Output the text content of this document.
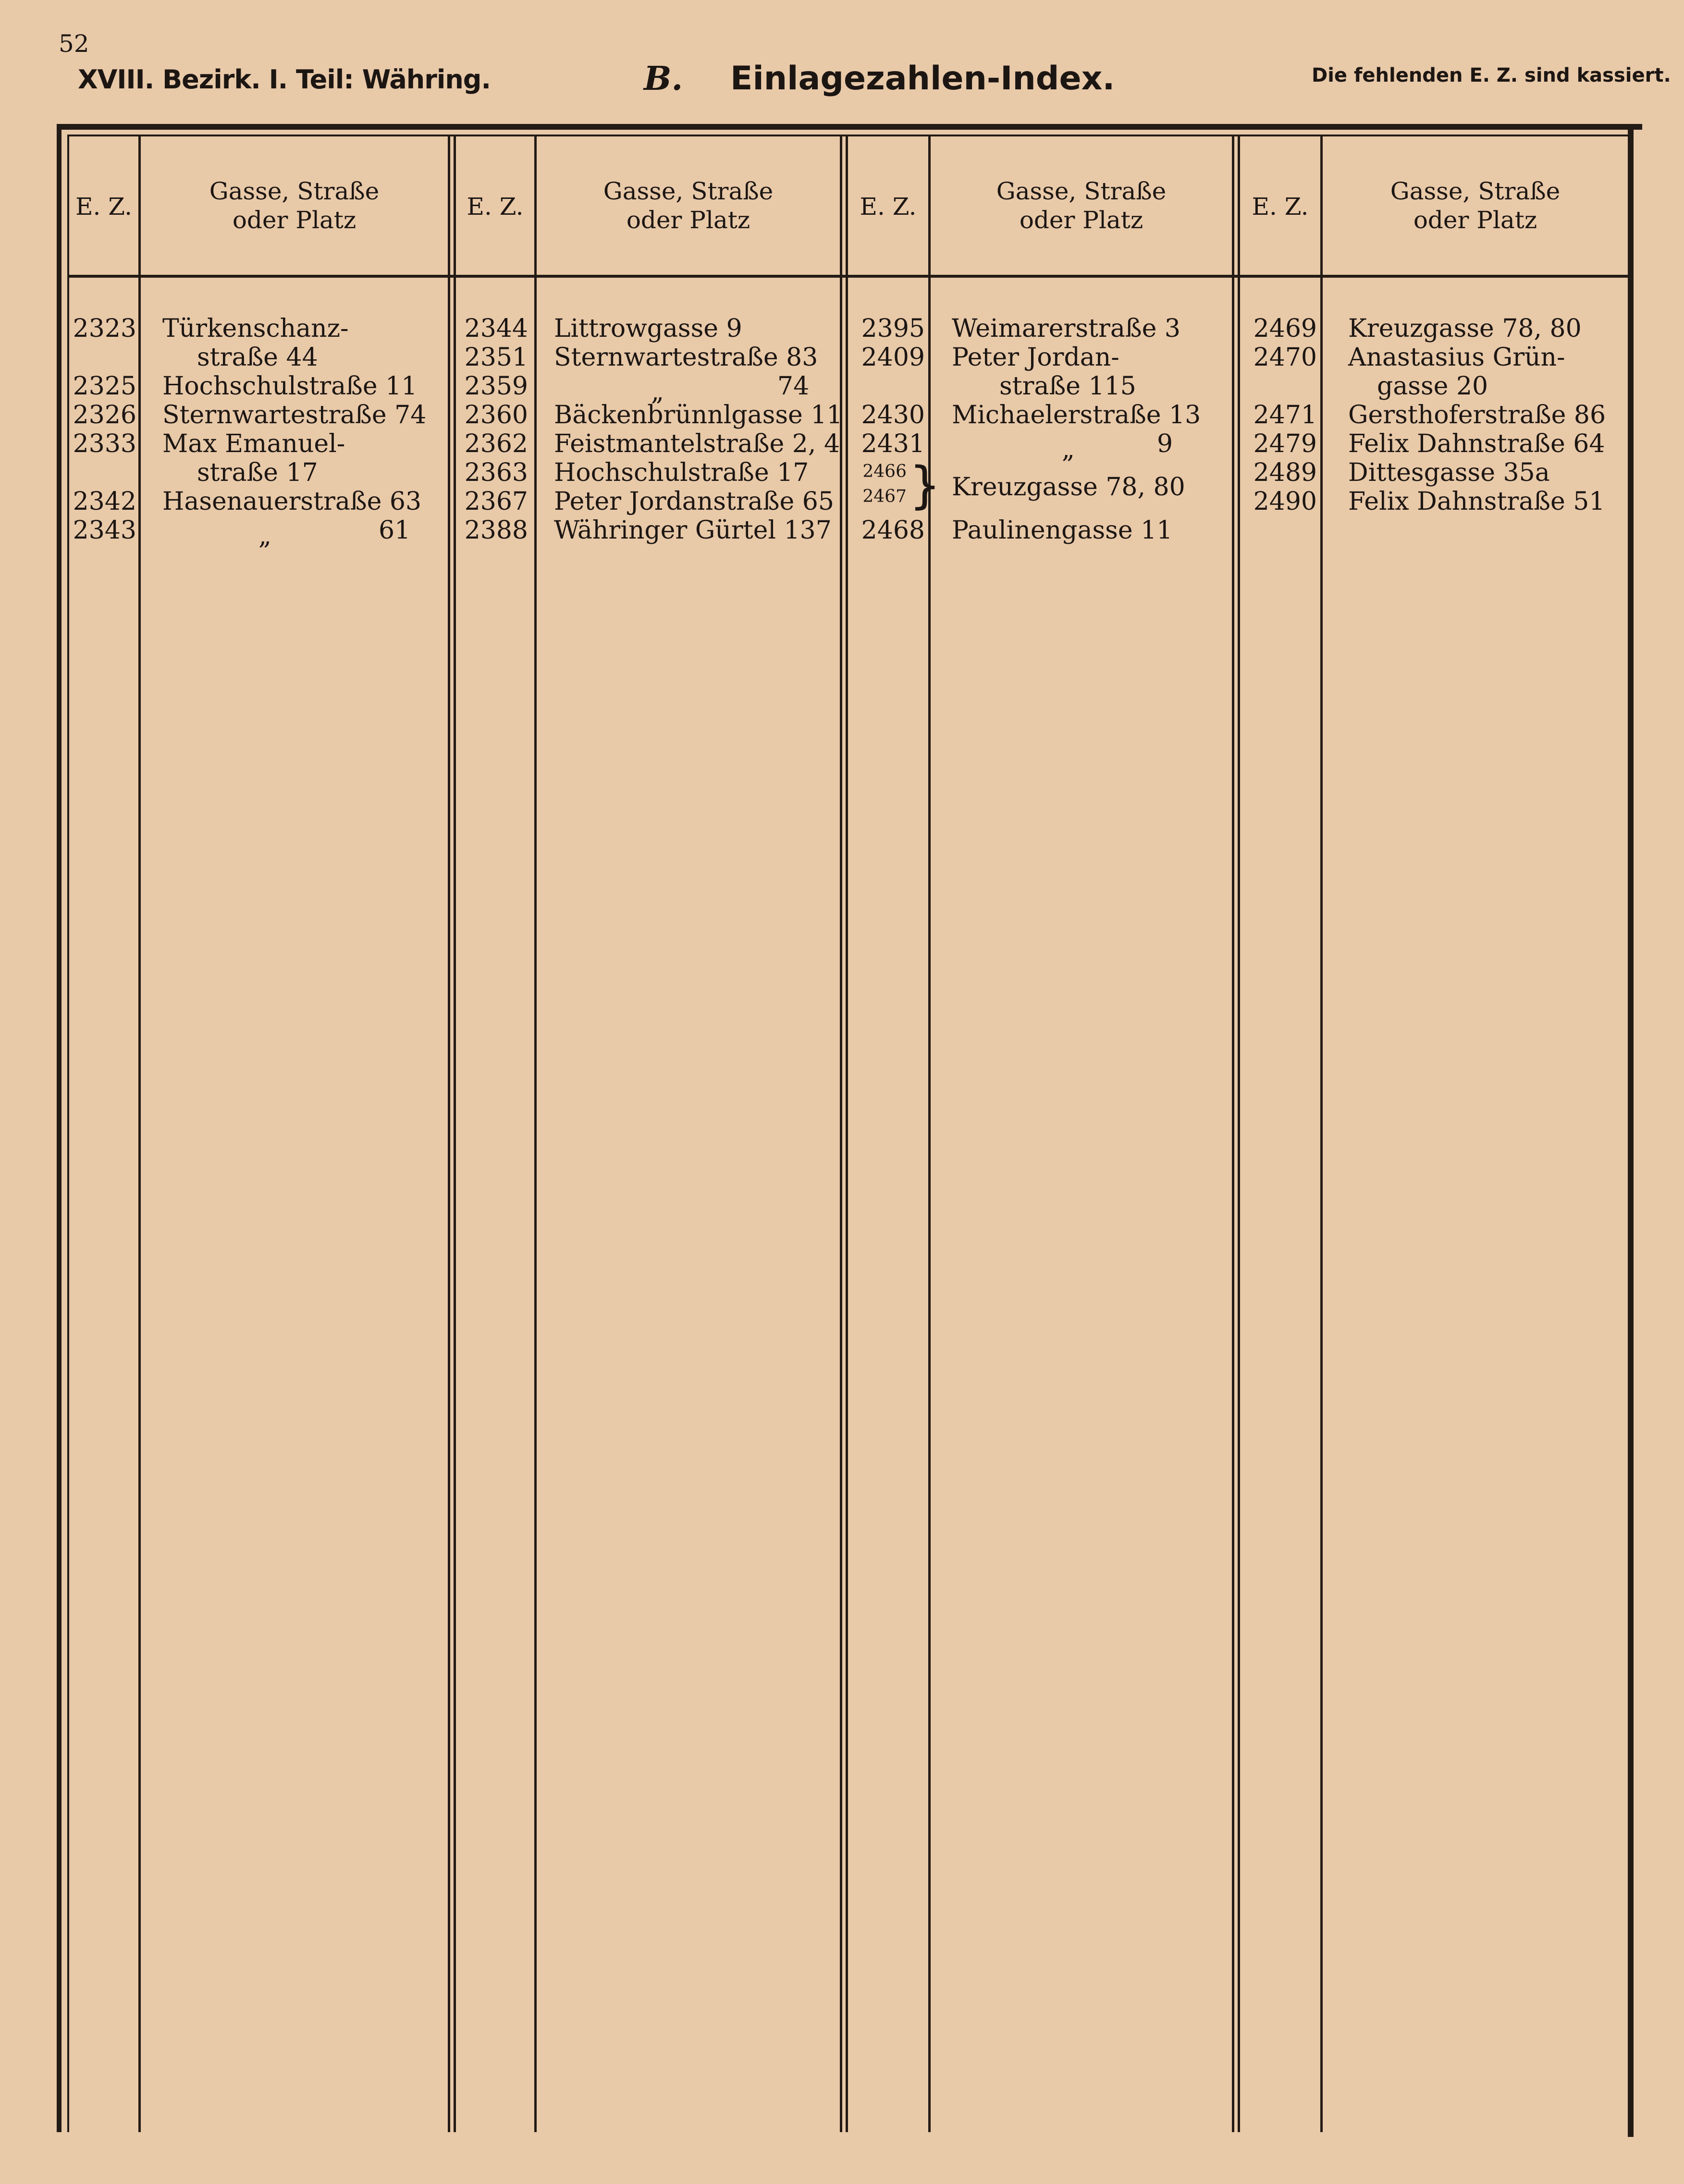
52
XVIII. Bezirk. I. Teil: Währing.	B. Einlagezahlen-Index.	Die fehlenden E. Z. sind kassiert.
E. Z.
Gasse, Straße
oder Platz	E. Z.
Gasse, Straße
oder Platz	E. Z.
Gasse, Straße
oder Platz	E. Z.
Gasse, Straße
oder Platz
2323 Türkenschanz-
straße 44
2325 Hochschulstraße 11
2326 Sternwartestraße 74
2333 Max Emanuel-
straße 17
2342 Hasenauerstraße 63
2343	„	61
2344 Littrowgasse 9
2351 Sternwartestraße 83
2359	„	74
2360 Bäckenbrünnlgasse 11
2362 Feistmantelstraße 2, 4
2363 Hochschulstraße 17
2367 Peter Jordanstraße 65
2388 Währinger Gürtel 137
2395 Weimarerstraße 3
2409 Peter Jordan-
straße 115
2430 Michaelerstraße 13
2431	„	9
2466
2467 } Kreuzgasse 78, 80
2468 Paulinengasse 11
2469 Kreuzgasse 78, 80
2470 Anastasius Grün-
gasse 20
2471 Gersthoferstraße 86
2479 Felix Dahnstraße 64
2489 Dittesgasse 35a
2490 Felix Dahnstraße 51
